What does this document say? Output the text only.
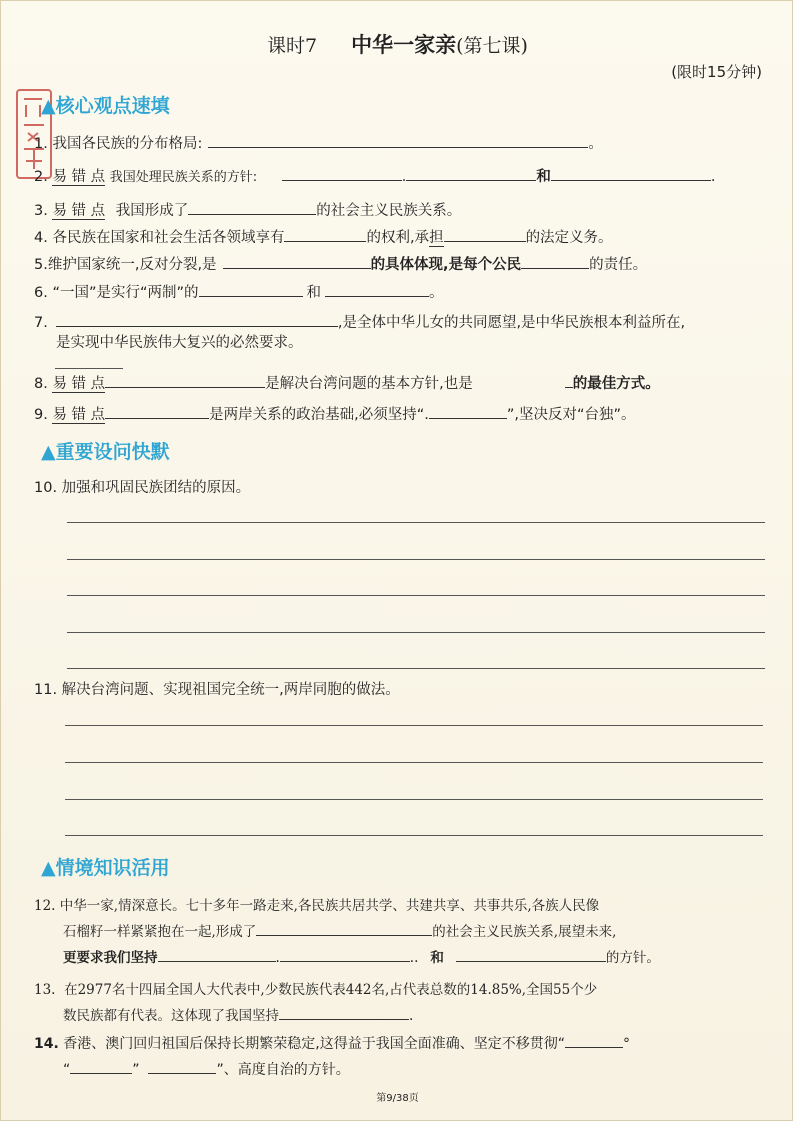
课时7 中华一家亲(第七课)
(限时15分钟)
▲核心观点速填
1. 我国各民族的分布格局:	。
2. 易 错 点 我国处理民族关系的方针:	.	和	.
3. 易 错 点 我国形成了	的社会主义民族关系。
4. 各民族在国家和社会生活各领域享有	的权利,承担	的法定义务。
5.维护国家统一,反对分裂,是	的具体体现,是每个公民	的责任。
6. “一国”是实行“两制”的	和	。
7.	,是全体中华儿女的共同愿望,是中华民族根本利益所在,
是实现中华民族伟大复兴的必然要求。
8. 易 错 点	是解决台湾问题的基本方针,也是	的最佳方式。
9. 易 错 点	是两岸关系的政治基础,必须坚持“.	”,坚决反对“台独”。
▲重要设问快默
10. 加强和巩固民族团结的原因。
11. 解决台湾问题、实现祖国完全统一,两岸同胞的做法。
▲情境知识活用
12. 中华一家,情深意长。七十多年一路走来,各民族共居共学、共建共享、共事共乐,各族人民像
石榴籽一样紧紧抱在一起,形成了	的社会主义民族关系,展望未来,
更要求我们坚持	.	.. 和	的方针。
13. 在2977名十四届全国人大代表中,少数民族代表442名,占代表总数的14.85%,全国55个少
数民族都有代表。这体现了我国坚持	.
14. 香港、澳门回归祖国后保持长期繁荣稳定,这得益于我国全面准确、坚定不移贯彻“	°
“	”	”、高度自治的方针。
第9/38页
